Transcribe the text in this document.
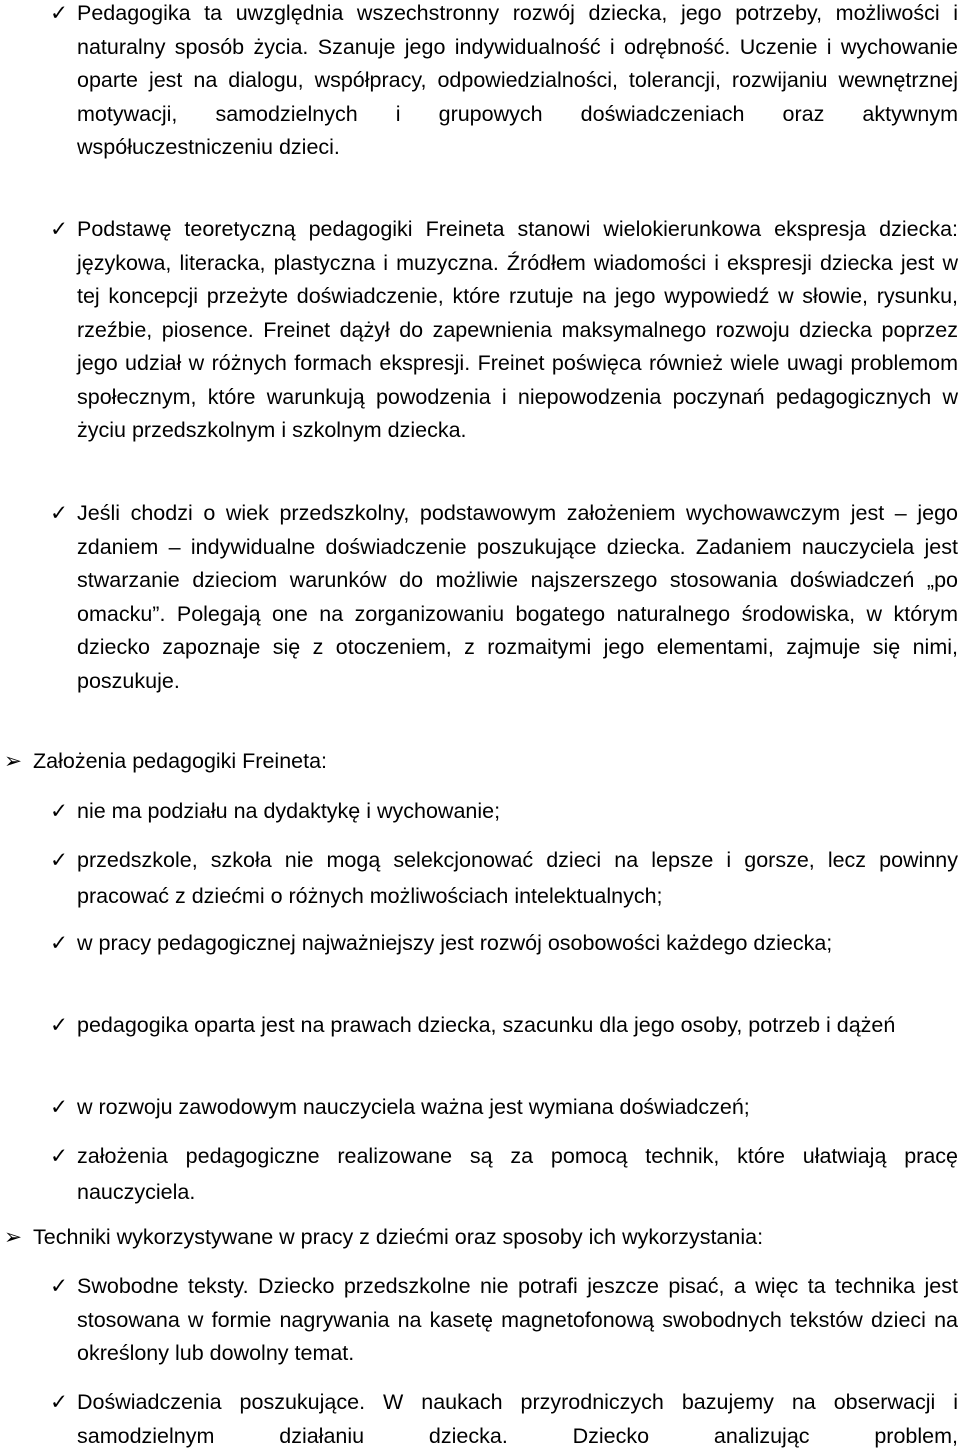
✓ Pedagogika ta uwzględnia wszechstronny rozwój dziecka, jego potrzeby, możliwości i naturalny sposób życia. Szanuje jego indywidualność i odrębność. Uczenie i wychowanie oparte jest na dialogu, współpracy, odpowiedzialności, tolerancji, rozwijaniu wewnętrznej motywacji, samodzielnych i grupowych doświadczeniach oraz aktywnym współuczestniczeniu dzieci.
✓ Podstawę teoretyczną pedagogiki Freineta stanowi wielokierunkowa ekspresja dziecka: językowa, literacka, plastyczna i muzyczna. Źródłem wiadomości i ekspresji dziecka jest w tej koncepcji przeżyte doświadczenie, które rzutuje na jego wypowiedź w słowie, rysunku, rzeźbie, piosence. Freinet dążył do zapewnienia maksymalnego rozwoju dziecka poprzez jego udział w różnych formach ekspresji. Freinet poświęca również wiele uwagi problemom społecznym, które warunkują powodzenia i niepowodzenia poczynań pedagogicznych w życiu przedszkolnym i szkolnym dziecka.
✓ Jeśli chodzi o wiek przedszkolny, podstawowym założeniem wychowawczym jest – jego zdaniem – indywidualne doświadczenie poszukujące dziecka. Zadaniem nauczyciela jest stwarzanie dzieciom warunków do możliwie najszerszego stosowania doświadczeń „po omacku”. Polegają one na zorganizowaniu bogatego naturalnego środowiska, w którym dziecko zapoznaje się z otoczeniem, z rozmaitymi jego elementami, zajmuje się nimi, poszukuje.
➢ Założenia pedagogiki Freineta:
✓ nie ma podziału na dydaktykę i wychowanie;
✓ przedszkole, szkoła nie mogą selekcjonować dzieci na lepsze i gorsze, lecz powinny pracować z dziećmi o różnych możliwościach intelektualnych;
✓ w pracy pedagogicznej najważniejszy jest rozwój osobowości każdego dziecka;
✓ pedagogika oparta jest na prawach dziecka, szacunku dla jego osoby, potrzeb i dążeń
✓ w rozwoju zawodowym nauczyciela ważna jest wymiana doświadczeń;
✓ założenia pedagogiczne realizowane są za pomocą technik, które ułatwiają pracę nauczyciela.
➢ Techniki wykorzystywane w pracy z dziećmi oraz sposoby ich wykorzystania:
✓ Swobodne teksty. Dziecko przedszkolne nie potrafi jeszcze pisać, a więc ta technika jest stosowana w formie nagrywania na kasetę magnetofonową swobodnych tekstów dzieci na określony lub dowolny temat.
✓ Doświadczenia poszukujące. W naukach przyrodniczych bazujemy na obserwacji i samodzielnym działaniu dziecka. Dziecko analizując problem,
